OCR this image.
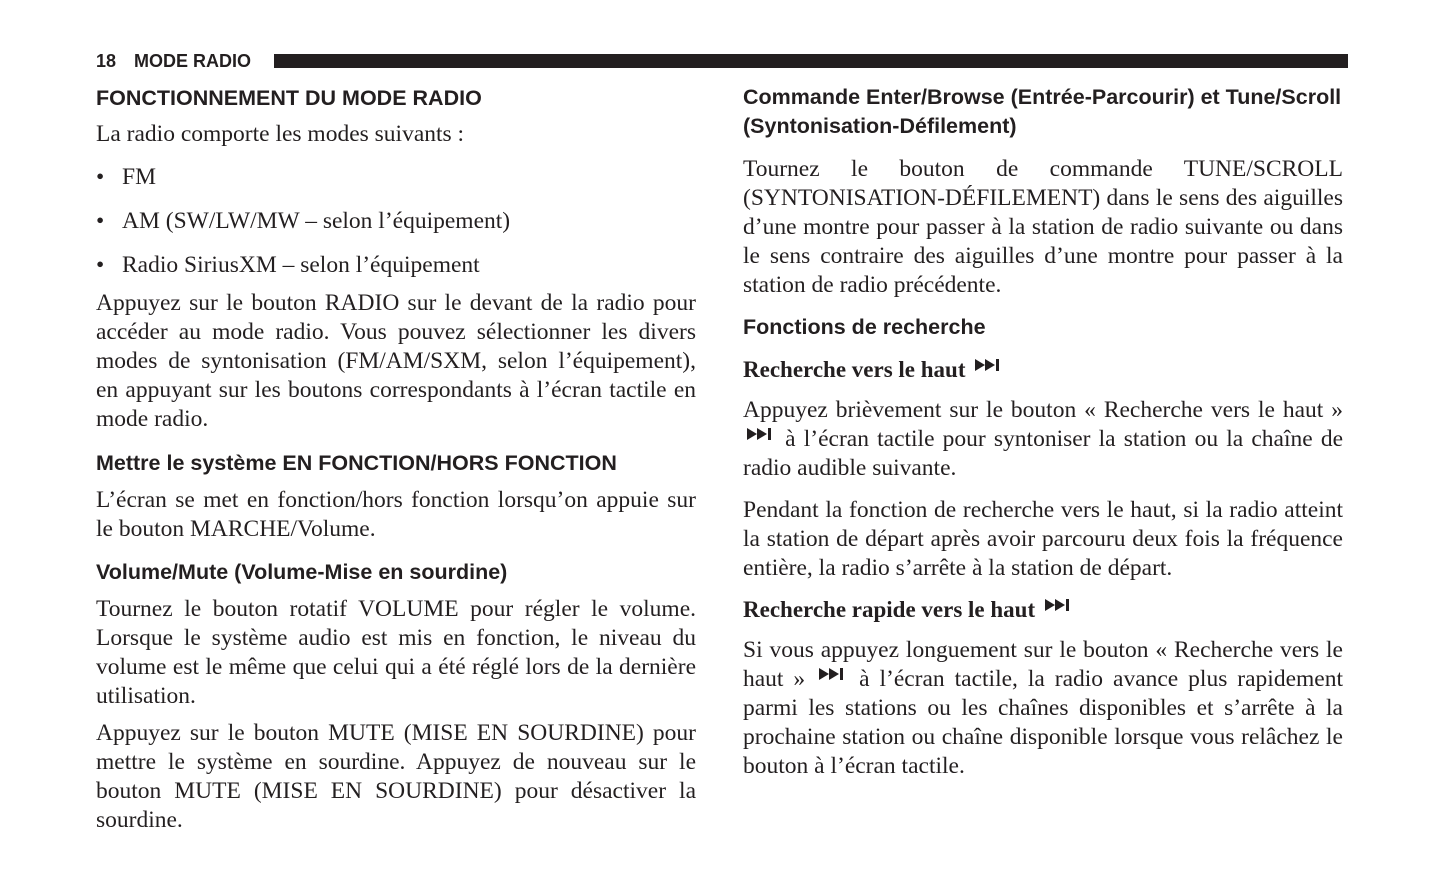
18 MODE RADIO
FONCTIONNEMENT DU MODE RADIO
La radio comporte les modes suivants :
• FM
• AM (SW/LW/MW – selon l’équipement)
• Radio SiriusXM – selon l’équipement
Appuyez sur le bouton RADIO sur le devant de la radio pour accéder au mode radio. Vous pouvez sélectionner les divers modes de syntonisation (FM/AM/SXM, selon l’équipement), en appuyant sur les boutons correspondants à l’écran tactile en mode radio.
Mettre le système EN FONCTION/HORS FONCTION
L’écran se met en fonction/hors fonction lorsqu’on appuie sur le bouton MARCHE/Volume.
Volume/Mute (Volume-Mise en sourdine)
Tournez le bouton rotatif VOLUME pour régler le volume. Lorsque le système audio est mis en fonction, le niveau du volume est le même que celui qui a été réglé lors de la dernière utilisation.
Appuyez sur le bouton MUTE (MISE EN SOURDINE) pour mettre le système en sourdine. Appuyez de nouveau sur le bouton MUTE (MISE EN SOURDINE) pour désactiver la sourdine.
Commande Enter/Browse (Entrée-Parcourir) et Tune/Scroll (Syntonisation-Défilement)
Tournez le bouton de commande TUNE/SCROLL (SYNTONISATION-DÉFILEMENT) dans le sens des aiguilles d’une montre pour passer à la station de radio suivante ou dans le sens contraire des aiguilles d’une montre pour passer à la station de radio précédente.
Fonctions de recherche
Recherche vers le haut
Appuyez brièvement sur le bouton « Recherche vers le haut »
à l’écran tactile pour syntoniser la station ou la chaîne de radio audible suivante.
Pendant la fonction de recherche vers le haut, si la radio atteint la station de départ après avoir parcouru deux fois la fréquence entière, la radio s’arrête à la station de départ.
Recherche rapide vers le haut
Si vous appuyez longuement sur le bouton « Recherche vers le haut » à l’écran tactile, la radio avance plus rapidement parmi les stations ou les chaînes disponibles et s’arrête à la prochaine station ou chaîne disponible lorsque vous relâchez le bouton à l’écran tactile.
